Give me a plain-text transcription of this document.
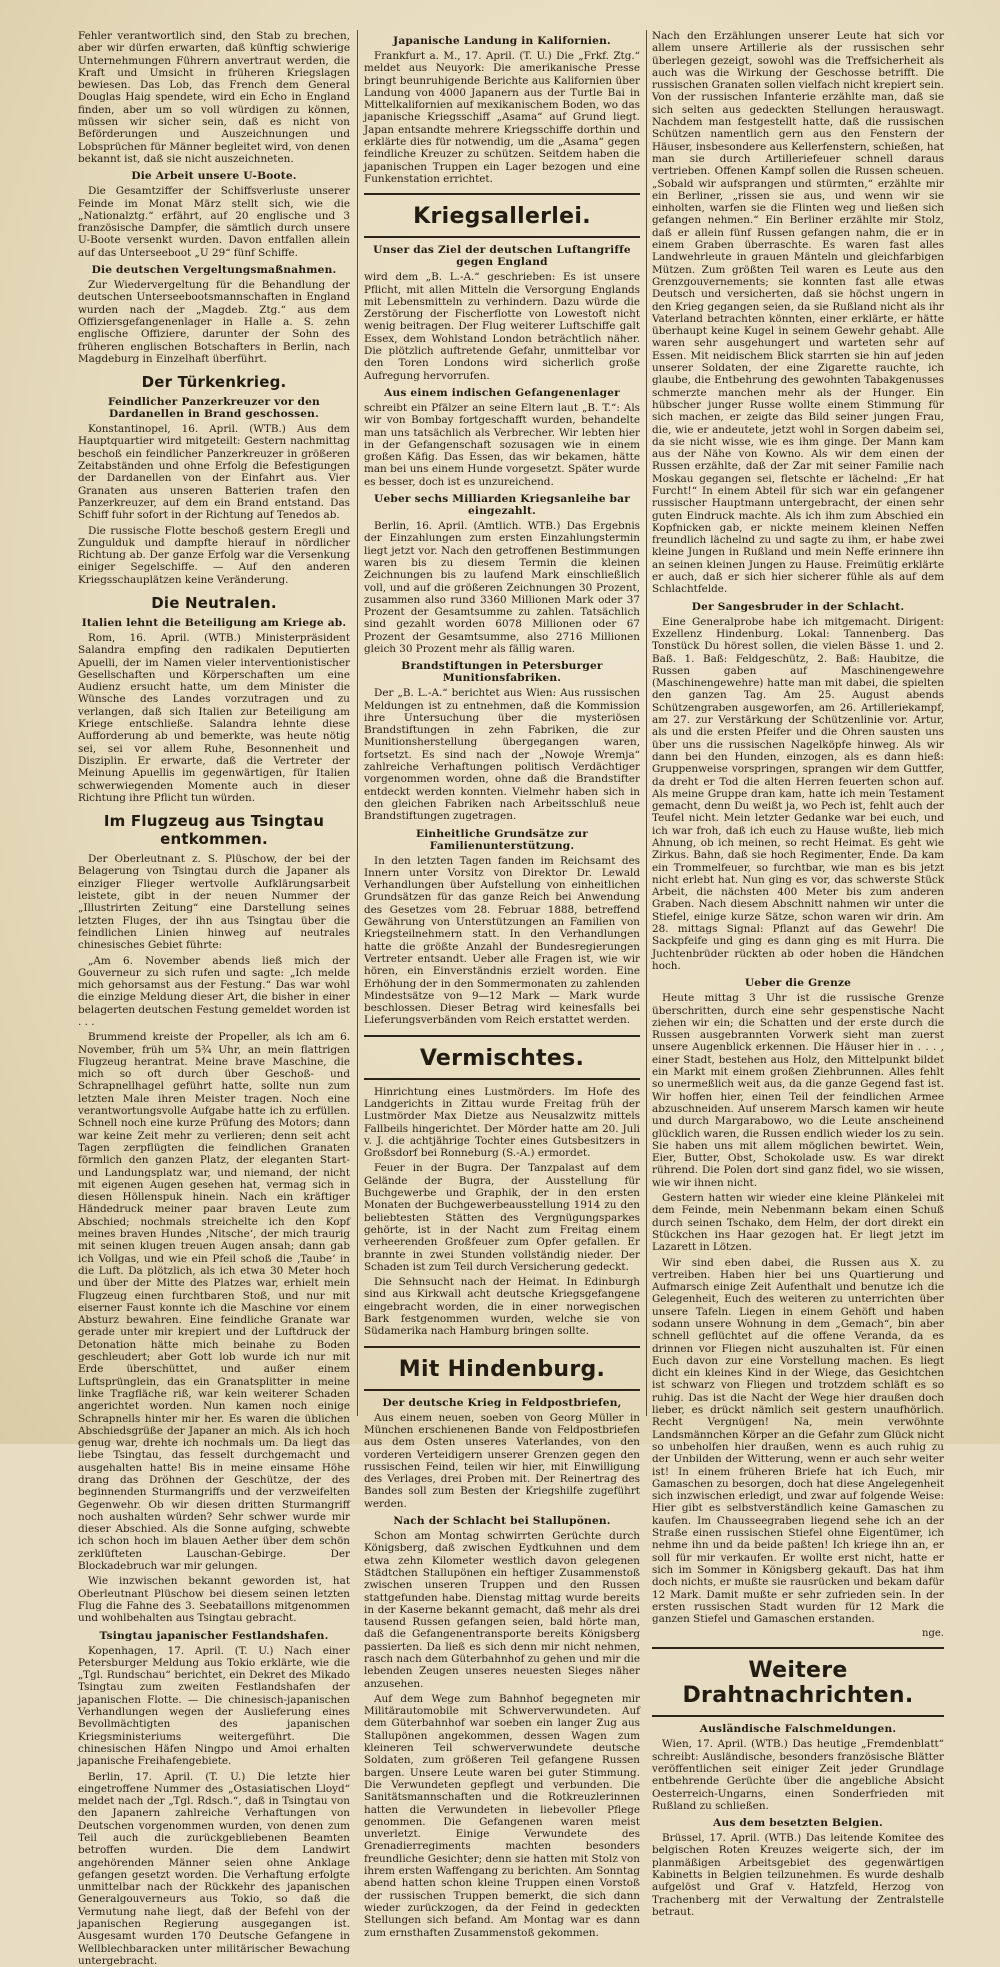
Fehler verantwortlich sind, den Stab zu brechen, aber wir dürfen erwarten, daß künftig schwierige Unternehmungen Führern anvertraut werden, die Kraft und Umsicht in früheren Kriegslagen bewiesen. Das Lob, das French dem General Douglas Haig spendete, wird ein Echo in England finden, aber um so voll würdigen zu können, müssen wir sicher sein, daß es nicht von Beförderungen und Auszeichnungen und Lobsprüchen für Männer begleitet wird, von denen bekannt ist, daß sie nicht auszeichneten.

Die Arbeit unsere U-Boote.

Die Gesamtziffer der Schiffsverluste unserer Feinde im Monat März stellt sich, wie die „Nationalztg.“ erfährt, auf 20 englische und 3 französische Dampfer, die sämtlich durch unsere U-Boote versenkt wurden. Davon entfallen allein auf das Unterseeboot „U 29“ fünf Schiffe.

Die deutschen Vergeltungsmaßnahmen.

Zur Wiedervergeltung für die Behandlung der deutschen Unterseebootsmannschaften in England wurden nach der „Magdeb. Ztg.“ aus dem Offiziersgefangenenlager in Halle a. S. zehn englische Offiziere, darunter der Sohn des früheren englischen Botschafters in Berlin, nach Magdeburg in Einzelhaft überführt.

Der Türkenkrieg.
Feindlicher Panzerkreuzer vor den Dardanellen in Brand geschossen.

Konstantinopel, 16. April. (WTB.) Aus dem Hauptquartier wird mitgeteilt: Gestern nachmittag beschoß ein feindlicher Panzerkreuzer in größeren Zeitabständen und ohne Erfolg die Befestigungen der Dardanellen von der Einfahrt aus. Vier Granaten aus unseren Batterien trafen den Panzerkreuzer, auf dem ein Brand entstand. Das Schiff fuhr sofort in der Richtung auf Tenedos ab.

Die russische Flotte beschoß gestern Eregli und Zungulduk und dampfte hierauf in nördlicher Richtung ab. Der ganze Erfolg war die Versenkung einiger Segelschiffe. — Auf den anderen Kriegsschauplätzen keine Veränderung.

Die Neutralen.
Italien lehnt die Beteiligung am Kriege ab.

Rom, 16. April. (WTB.) Ministerpräsident Salandra empfing den radikalen Deputierten Apuelli, der im Namen vieler interventionistischer Gesellschaften und Körperschaften um eine Audienz ersucht hatte, um dem Minister die Wünsche des Landes vorzutragen und zu verlangen, daß sich Italien zur Beteiligung am Kriege entschließe. Salandra lehnte diese Aufforderung ab und bemerkte, was heute nötig sei, sei vor allem Ruhe, Besonnenheit und Disziplin. Er erwarte, daß die Vertreter der Meinung Apuellis im gegenwärtigen, für Italien schwerwiegenden Momente auch in dieser Richtung ihre Pflicht tun würden.

Im Flugzeug aus Tsingtau entkommen.

Der Oberleutnant z. S. Plüschow, der bei der Belagerung von Tsingtau durch die Japaner als einziger Flieger wertvolle Aufklärungsarbeit leistete, gibt in der neuen Nummer der „Illustrirten Zeitung“ eine Darstellung seines letzten Fluges, der ihn aus Tsingtau über die feindlichen Linien hinweg auf neutrales chinesisches Gebiet führte:

„Am 6. November abends ließ mich der Gouverneur zu sich rufen und sagte: „Ich melde mich gehorsamst aus der Festung.“ Das war wohl die einzige Meldung dieser Art, die bisher in einer belagerten deutschen Festung gemeldet worden ist . . .

Brummend kreiste der Propeller, als ich am 6. November, früh um 5¾ Uhr, an mein flattrigen Flugzeug herantrat. Meine brave Maschine, die mich so oft durch über Geschoß- und Schrapnellhagel geführt hatte, sollte nun zum letzten Male ihren Meister tragen. Noch eine verantwortungsvolle Aufgabe hatte ich zu erfüllen. Schnell noch eine kurze Prüfung des Motors; dann war keine Zeit mehr zu verlieren; denn seit acht Tagen zerpflügten die feindlichen Granaten förmlich den ganzen Platz, der eleganten Start- und Landungsplatz war, und niemand, der nicht mit eigenen Augen gesehen hat, vermag sich in diesen Höllenspuk hinein. Nach ein kräftiger Händedruck meiner paar braven Leute zum Abschied; nochmals streichelte ich den Kopf meines braven Hundes ‚Nitsche‘, der mich traurig mit seinen klugen treuen Augen ansah; dann gab ich Vollgas, und wie ein Pfeil schoß die ‚Taube‘ in die Luft. Da plötzlich, als ich etwa 30 Meter hoch und über der Mitte des Platzes war, erhielt mein Flugzeug einen furchtbaren Stoß, und nur mit eiserner Faust konnte ich die Maschine vor einem Absturz bewahren. Eine feindliche Granate war gerade unter mir krepiert und der Luftdruck der Detonation hätte mich beinahe zu Boden geschleudert; aber Gott lob wurde ich nur mit Erde überschüttet, und außer einem Luftsprünglein, das ein Granatsplitter in meine linke Tragfläche riß, war kein weiterer Schaden angerichtet worden. Nun kamen noch einige Schrapnells hinter mir her. Es waren die üblichen Abschiedsgrüße der Japaner an mich. Als ich hoch genug war, drehte ich nochmals um. Da liegt das liebe Tsingtau, das fesselt durchgemacht und ausgehalten hatte! Bis in meine einsame Höhe drang das Dröhnen der Geschütze, der des beginnenden Sturmangriffs und der verzweifelten Gegenwehr. Ob wir diesen dritten Sturmangriff noch aushalten würden? Sehr schwer wurde mir dieser Abschied. Als die Sonne aufging, schwebte ich schon hoch im blauen Aether über dem schön zerklüfteten Lauschan-Gebirge. Der Blockadebruch war mir gelungen.

Wie inzwischen bekannt geworden ist, hat Oberleutnant Plüschow bei diesem seinen letzten Flug die Fahne des 3. Seebataillons mitgenommen und wohlbehalten aus Tsingtau gebracht.

Tsingtau japanischer Festlandshafen.

Kopenhagen, 17. April. (T. U.) Nach einer Petersburger Meldung aus Tokio erklärte, wie die „Tgl. Rundschau“ berichtet, ein Dekret des Mikado Tsingtau zum zweiten Festlandshafen der japanischen Flotte. — Die chinesisch-japanischen Verhandlungen wegen der Auslieferung eines Bevollmächtigten des japanischen Kriegsministeriums weitergeführt. Die chinesischen Häfen Ningpo und Amoi erhalten japanische Freihafengebiete.

Berlin, 17. April. (T. U.) Die letzte hier eingetroffene Nummer des „Ostasiatischen Lloyd“ meldet nach der „Tgl. Rdsch.“, daß in Tsingtau von den Japanern zahlreiche Verhaftungen von Deutschen vorgenommen wurden, von denen zum Teil auch die zurückgebliebenen Beamten betroffen wurden. Die dem Landwirt angehörenden Männer seien ohne Anklage gefangen gesetzt worden. Die Verhaftung erfolgte unmittelbar nach der Rückkehr des japanischen Generalgouverneurs aus Tokio, so daß die Vermutung nahe liegt, daß der Befehl von der japanischen Regierung ausgegangen ist. Ausgesamt wurden 170 Deutsche Gefangene in Wellblechbaracken unter militärischer Bewachung untergebracht.

Japanische Landung in Kalifornien.

Frankfurt a. M., 17. April. (T. U.) Die „Frkf. Ztg.“ meldet aus Neuyork: Die amerikanische Presse bringt beunruhigende Berichte aus Kalifornien über Landung von 4000 Japanern aus der Turtle Bai in Mittelkalifornien auf mexikanischem Boden, wo das japanische Kriegsschiff „Asama“ auf Grund liegt. Japan entsandte mehrere Kriegsschiffe dorthin und erklärte dies für notwendig, um die „Asama“ gegen feindliche Kreuzer zu schützen. Seitdem haben die japanischen Truppen ein Lager bezogen und eine Funkenstation errichtet.

Kriegsallerlei.
Unser das Ziel der deutschen Luftangriffe gegen England

wird dem „B. L.-A.“ geschrieben: Es ist unsere Pflicht, mit allen Mitteln die Versorgung Englands mit Lebensmitteln zu verhindern. Dazu würde die Zerstörung der Fischerflotte von Lowestoft nicht wenig beitragen. Der Flug weiterer Luftschiffe galt Essex, dem Wohlstand London beträchtlich näher. Die plötzlich auftretende Gefahr, unmittelbar vor den Toren Londons wird sicherlich große Aufregung hervorrufen.

Aus einem indischen Gefangenenlager

schreibt ein Pfälzer an seine Eltern laut „B. T.“: Als wir von Bombay fortgeschafft wurden, behandelte man uns tatsächlich als Verbrecher. Wir lebten hier in der Gefangenschaft sozusagen wie in einem großen Käfig. Das Essen, das wir bekamen, hätte man bei uns einem Hunde vorgesetzt. Später wurde es besser, doch ist es unzureichend.

Ueber sechs Milliarden Kriegsanleihe bar eingezahlt.

Berlin, 16. April. (Amtlich. WTB.) Das Ergebnis der Einzahlungen zum ersten Einzahlungstermin liegt jetzt vor. Nach den getroffenen Bestimmungen waren bis zu diesem Termin die kleinen Zeichnungen bis zu laufend Mark einschließlich voll, und auf die größeren Zeichnungen 30 Prozent, zusammen also rund 3360 Millionen Mark oder 37 Prozent der Gesamtsumme zu zahlen. Tatsächlich sind gezahlt worden 6078 Millionen oder 67 Prozent der Gesamtsumme, also 2716 Millionen gleich 30 Prozent mehr als fällig waren.

Brandstiftungen in Petersburger Munitionsfabriken.

Der „B. L.-A.“ berichtet aus Wien: Aus russischen Meldungen ist zu entnehmen, daß die Kommission ihre Untersuchung über die mysteriösen Brandstiftungen in zehn Fabriken, die zur Munitionsherstellung übergegangen waren, fortsetzt. Es sind nach der „Nowoje Wremja“ zahlreiche Verhaftungen politisch Verdächtiger vorgenommen worden, ohne daß die Brandstifter entdeckt werden konnten. Vielmehr haben sich in den gleichen Fabriken nach Arbeitsschluß neue Brandstiftungen zugetragen.

Einheitliche Grundsätze zur Familienunterstützung.

In den letzten Tagen fanden im Reichsamt des Innern unter Vorsitz von Direktor Dr. Lewald Verhandlungen über Aufstellung von einheitlichen Grundsätzen für das ganze Reich bei Anwendung des Gesetzes vom 28. Februar 1888, betreffend Gewährung von Unterstützungen an Familien von Kriegsteilnehmern statt. In den Verhandlungen hatte die größte Anzahl der Bundesregierungen Vertreter entsandt. Ueber alle Fragen ist, wie wir hören, ein Einverständnis erzielt worden. Eine Erhöhung der in den Sommermonaten zu zahlenden Mindestsätze von 9—12 Mark — Mark wurde beschlossen. Dieser Betrag wird keinesfalls bei Lieferungsverbänden vom Reich erstattet werden.

Vermischtes.

Hinrichtung eines Lustmörders. Im Hofe des Landgerichts in Zittau wurde Freitag früh der Lustmörder Max Dietze aus Neusalzwitz mittels Fallbeils hingerichtet. Der Mörder hatte am 20. Juli v. J. die achtjährige Tochter eines Gutsbesitzers in Großsdorf bei Ronneburg (S.-A.) ermordet.

Feuer in der Bugra. Der Tanzpalast auf dem Gelände der Bugra, der Ausstellung für Buchgewerbe und Graphik, der in den ersten Monaten der Buchgewerbeausstellung 1914 zu den beliebtesten Stätten des Vergnügungsparkes gehörte, ist in der Nacht zum Freitag einem verheerenden Großfeuer zum Opfer gefallen. Er brannte in zwei Stunden vollständig nieder. Der Schaden ist zum Teil durch Versicherung gedeckt.

Die Sehnsucht nach der Heimat. In Edinburgh sind aus Kirkwall acht deutsche Kriegsgefangene eingebracht worden, die in einer norwegischen Bark festgenommen wurden, welche sie von Südamerika nach Hamburg bringen sollte.

Mit Hindenburg.
Der deutsche Krieg in Feldpostbriefen,

Aus einem neuen, soeben von Georg Müller in München erschienenen Bande von Feldpostbriefen aus dem Osten unseres Vaterlandes, von den vorderen Verteidigern unserer Grenzen gegen den russischen Feind, teilen wir hier, mit Einwilligung des Verlages, drei Proben mit. Der Reinertrag des Bandes soll zum Besten der Kriegshilfe zugeführt werden.

Nach der Schlacht bei Stallupönen.

Schon am Montag schwirrten Gerüchte durch Königsberg, daß zwischen Eydtkuhnen und dem etwa zehn Kilometer westlich davon gelegenen Städtchen Stallupönen ein heftiger Zusammenstoß zwischen unseren Truppen und den Russen stattgefunden habe. Dienstag mittag wurde bereits in der Kaserne bekannt gemacht, daß mehr als drei tausend Russen gefangen seien, bald hörte man, daß die Gefangenentransporte bereits Königsberg passierten. Da ließ es sich denn mir nicht nehmen, rasch nach dem Güterbahnhof zu gehen und mir die lebenden Zeugen unseres neuesten Sieges näher anzusehen.

Auf dem Wege zum Bahnhof begegneten mir Militärautomobile mit Schwerverwundeten. Auf dem Güterbahnhof war soeben ein langer Zug aus Stallupönen angekommen, dessen Wagen zum kleineren Teil schwerverwundete deutsche Soldaten, zum größeren Teil gefangene Russen bargen. Unsere Leute waren bei guter Stimmung. Die Verwundeten gepflegt und verbunden. Die Sanitätsmannschaften und die Rotkreuzlerinnen hatten die Verwundeten in liebevoller Pflege genommen. Die Gefangenen waren meist unverletzt. Einige Verwundete des Grenadierregiments machten besonders freundliche Gesichter; denn sie hatten mit Stolz von ihrem ersten Waffengang zu berichten. Am Sonntag abend hatten schon kleine Truppen einen Vorstoß der russischen Truppen bemerkt, die sich dann wieder zurückzogen, da der Feind in gedeckten Stellungen sich befand. Am Montag war es dann zum ernsthaften Zusammenstoß gekommen.

Nach den Erzählungen unserer Leute hat sich vor allem unsere Artillerie als der russischen sehr überlegen gezeigt, sowohl was die Treffsicherheit als auch was die Wirkung der Geschosse betrifft. Die russischen Granaten sollen vielfach nicht krepiert sein. Von der russischen Infanterie erzählte man, daß sie sich selten aus gedeckten Stellungen herauswagt. Nachdem man festgestellt hatte, daß die russischen Schützen namentlich gern aus den Fenstern der Häuser, insbesondere aus Kellerfenstern, schießen, hat man sie durch Artilleriefeuer schnell daraus vertrieben. Offenen Kampf sollen die Russen scheuen. „Sobald wir aufsprangen und stürmten,“ erzählte mir ein Berliner, „rissen sie aus, und wenn wir sie einholten, warfen sie die Flinten weg und ließen sich gefangen nehmen.“ Ein Berliner erzählte mir Stolz, daß er allein fünf Russen gefangen nahm, die er in einem Graben überraschte. Es waren fast alles Landwehrleute in grauen Mänteln und gleichfarbigen Mützen. Zum größten Teil waren es Leute aus den Grenzgouvernements; sie konnten fast alle etwas Deutsch und versicherten, daß sie höchst ungern in den Krieg gegangen seien, da sie Rußland nicht als ihr Vaterland betrachten könnten, einer erklärte, er hätte überhaupt keine Kugel in seinem Gewehr gehabt. Alle waren sehr ausgehungert und warteten sehr auf Essen. Mit neidischem Blick starrten sie hin auf jeden unserer Soldaten, der eine Zigarette rauchte, ich glaube, die Entbehrung des gewohnten Tabakgenusses schmerzte manchen mehr als der Hunger. Ein hübscher junger Russe wollte einem Stimmung für sich machen, er zeigte das Bild seiner jungen Frau, die, wie er andeutete, jetzt wohl in Sorgen dabeim sei, da sie nicht wisse, wie es ihm ginge. Der Mann kam aus der Nähe von Kowno. Als wir dem einen der Russen erzählte, daß der Zar mit seiner Familie nach Moskau gegangen sei, fletschte er lächelnd: „Er hat Furcht!“ In einem Abteil für sich war ein gefangener russischer Hauptmann untergebracht, der einen sehr guten Eindruck machte. Als ich ihm zum Abschied ein Kopfnicken gab, er nickte meinem kleinen Neffen freundlich lächelnd zu und sagte zu ihm, er habe zwei kleine Jungen in Rußland und mein Neffe erinnere ihn an seinen kleinen Jungen zu Hause. Freimütig erklärte er auch, daß er sich hier sicherer fühle als auf dem Schlachtfelde.

Der Sangesbruder in der Schlacht.

Eine Generalprobe habe ich mitgemacht. Dirigent: Exzellenz Hindenburg. Lokal: Tannenberg. Das Tonstück Du hörest sollen, die vielen Bässe 1. und 2. Baß. 1. Baß: Feldgeschütz, 2. Baß: Haubitze, die Russen gaben auf Maschinengewehre (Maschinengewehre) hatte man mit dabei, die spielten den ganzen Tag. Am 25. August abends Schützengraben ausgeworfen, am 26. Artilleriekampf, am 27. zur Verstärkung der Schützenlinie vor. Artur, als und die ersten Pfeifer und die Ohren sausten uns über uns die russischen Nagelköpfe hinweg. Als wir dann bei den Hunden, einzogen, als es dann hieß: Gruppenweise vorspringen, sprangen wir dem Guttfer, da dreht er Tod die alten Herren feuerten schon auf. Als meine Gruppe dran kam, hatte ich mein Testament gemacht, denn Du weißt ja, wo Pech ist, fehlt auch der Teufel nicht. Mein letzter Gedanke war bei euch, und ich war froh, daß ich euch zu Hause wußte, lieb mich Ahnung, ob ich meinen, so recht Heimat. Es geht wie Zirkus. Bahn, daß sie hoch Regimenter, Ende. Da kam ein Trommelfeuer, so furchtbar, wie man es bis jetzt nicht erlebt hat. Nun ging es vor, das schwerste Stück Arbeit, die nächsten 400 Meter bis zum anderen Graben. Nach diesem Abschnitt nahmen wir unter die Stiefel, einige kurze Sätze, schon waren wir drin. Am 28. mittags Signal: Pflanzt auf das Gewehr! Die Sackpfeife und ging es dann ging es mit Hurra. Die Juchtenbrüder rückten ab oder hoben die Händchen hoch.

Ueber die Grenze

Heute mittag 3 Uhr ist die russische Grenze überschritten, durch eine sehr gespenstische Nacht ziehen wir ein; die Schatten und der erste durch die Russen ausgebrannten Vorwerk sieht man zuerst unsere Augenblick erkennen. Die Häuser hier in . . . , einer Stadt, bestehen aus Holz, den Mittelpunkt bildet ein Markt mit einem großen Ziehbrunnen. Alles fehlt so unermeßlich weit aus, da die ganze Gegend fast ist. Wir hoffen hier, einen Teil der feindlichen Armee abzuschneiden. Auf unserem Marsch kamen wir heute und durch Margarabowo, wo die Leute anscheinend glücklich waren, die Russen endlich wieder los zu sein. Sie haben uns mit allem möglichen bewirtet. Wein, Eier, Butter, Obst, Schokolade usw. Es war direkt rührend. Die Polen dort sind ganz fidel, wo sie wissen, wie wir ihnen nicht.

Gestern hatten wir wieder eine kleine Plänkelei mit dem Feinde, mein Nebenmann bekam einen Schuß durch seinen Tschako, dem Helm, der dort direkt ein Stückchen ins Haar gezogen hat. Er liegt jetzt im Lazarett in Lötzen.

Wir sind eben dabei, die Russen aus X. zu vertreiben. Haben hier bei uns Quartierung und Aufmarsch einige Zeit Aufenthalt und benutze ich die Gelegenheit, Euch des weiteren zu unterrichten über unsere Tafeln. Liegen in einem Gehöft und haben sodann unsere Wohnung in dem „Gemach“, bin aber schnell geflüchtet auf die offene Veranda, da es drinnen vor Fliegen nicht auszuhalten ist. Für einen Euch davon zur eine Vorstellung machen. Es liegt dicht ein kleines Kind in der Wiege, das Gesichtchen ist schwarz von Fliegen und trotzdem schläft es so ruhig. Das ist die Nacht der Wege hier draußen doch lieber, es drückt nämlich seit gestern unaufhörlich. Recht Vergnügen! Na, mein verwöhnte Landsmännchen Körper an die Gefahr zum Glück nicht so unbeholfen hier draußen, wenn es auch ruhig zu der Unbilden der Witterung, wenn er auch sehr weiter ist! In einem früheren Briefe hat ich Euch, mir Gamaschen zu besorgen, doch hat diese Angelegenheit sich inzwischen erledigt, und zwar auf folgende Weise: Hier gibt es selbstverständlich keine Gamaschen zu kaufen. Im Chausseegraben liegend sehe ich an der Straße einen russischen Stiefel ohne Eigentümer, ich nehme ihn und da beide paßten! Ich kriege ihn an, er soll für mir verkaufen. Er wollte erst nicht, hatte er sich im Sommer in Königsberg gekauft. Das hat ihm doch nichts, er mußte sie rausrücken und bekam dafür 12 Mark. Damit mußte er sehr zufrieden sein. In der ersten russischen Stadt wurden für 12 Mark die ganzen Stiefel und Gamaschen erstanden.

nge.
Weitere Drahtnachrichten.
Ausländische Falschmeldungen.

Wien, 17. April. (WTB.) Das heutige „Fremdenblatt“ schreibt: Ausländische, besonders französische Blätter veröffentlichen seit einiger Zeit jeder Grundlage entbehrende Gerüchte über die angebliche Absicht Oesterreich-Ungarns, einen Sonderfrieden mit Rußland zu schließen.

Aus dem besetzten Belgien.

Brüssel, 17. April. (WTB.) Das leitende Komitee des belgischen Roten Kreuzes weigerte sich, der im planmäßigen Arbeitsgebiet des gegenwärtigen Kabinetts in Belgien teilzunehmen. Es wurde deshalb aufgelöst und Graf v. Hatzfeld, Herzog von Trachenberg mit der Verwaltung der Zentralstelle betraut.
